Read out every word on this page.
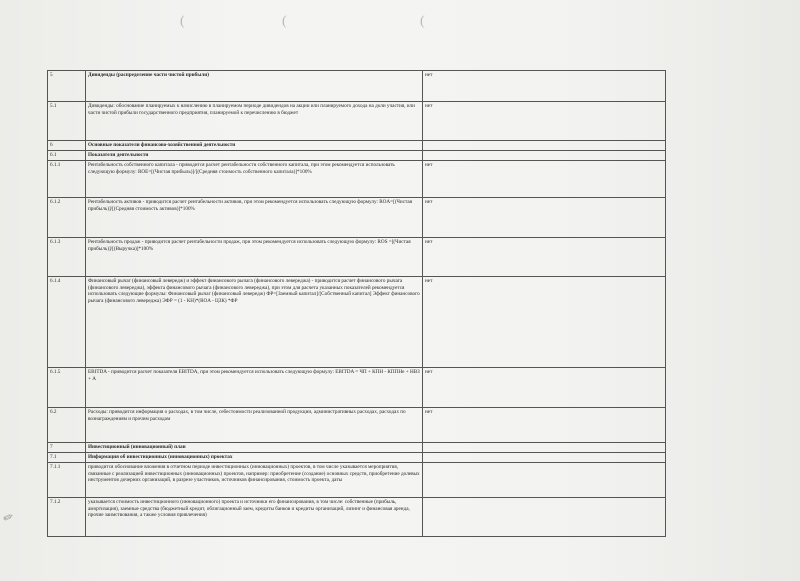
(	(	(
✎
5	Дивиденды (распределение части чистой прибыли)	нет
5.1	Дивиденды: обоснование планируемых к начислению в планируемом периоде дивидендов на акции или планируемого дохода на доли участия, или части чистой прибыли государственного предприятия, планируемой к перечислению в бюджет	нет
6	Основные показатели финансово-хозяйственной деятельности	
6.1	Показатели деятельности	
6.1.1	Рентабельность собственного капитала - приводится расчет рентабельности собственного капитала, при этом рекомендуется использовать следующую формулу: ROE=[(Чистая прибыль)]/[(Средняя стоимость собственного капитала)]*100%	нет
6.1.2	Рентабельность активов - приводится расчет рентабельности активов, при этом рекомендуется использовать следующую формулу: ROA=[(Чистая прибыль)]/[(Средняя стоимость активов)]*100%	нет
6.1.3	Рентабельность продаж - приводится расчет рентабельности продаж, при этом рекомендуется использовать следующую формулу: ROS =[(Чистая прибыль)]/[(Выручка)]*100%	нет
6.1.4	Финансовый рычаг (финансовый левередж) и эффект финансового рычага (финансового левереджа) - приводится расчет финансового рычага (финансового левереджа), эффекта финансового рычага (финансового левереджа), при этом для расчета указанных показателей рекомендуется использовать следующие формулы: Финансовый рычаг (финансовый левередж) ФР=[Заемный капитал]/[Собственный капитал] Эффект финансового рычага (финансового левереджа) ЭФР = (1 - КН)*(ROA - ЦЗК) *ФР	нет
6.1.5	EBITDA - приводится расчет показателя EBITDA, при этом рекомендуется использовать следующую формулу: EBITDA = ЧП + КПН - КППНе + НВЗ + А	нет
6.2	Расходы: приводится информация о расходах, в том числе, себестоимости реализованной продукции, административных расходах, расходах по вознаграждениям и прочим расходам	нет
7	Инвестиционный (инновационный) план	
7.1	Информация об инвестиционных (инновационных) проектах	
7.1.1	приводится обоснование вложения в отчетном периоде инвестиционных (инновационных) проектов, в том числе указывается мероприятия, связанные с реализацией инвестиционных (инновационных) проектов, например: приобретение (создание) основных средств, приобретение долевых инструментов дочерних организаций, в разрезе участников, источников финансирования, стоимость проекта, даты	
7.1.2	указывается стоимость инвестиционного (инновационного) проекта и источники его финансирования, в том числе: собственные (прибыль, амортизация), заемные средства (бюджетный кредит, облигационный заем, кредиты банков и кредиты организаций, лизинг и финансовая аренда, прочие заимствования, а также условия привлечения)	
